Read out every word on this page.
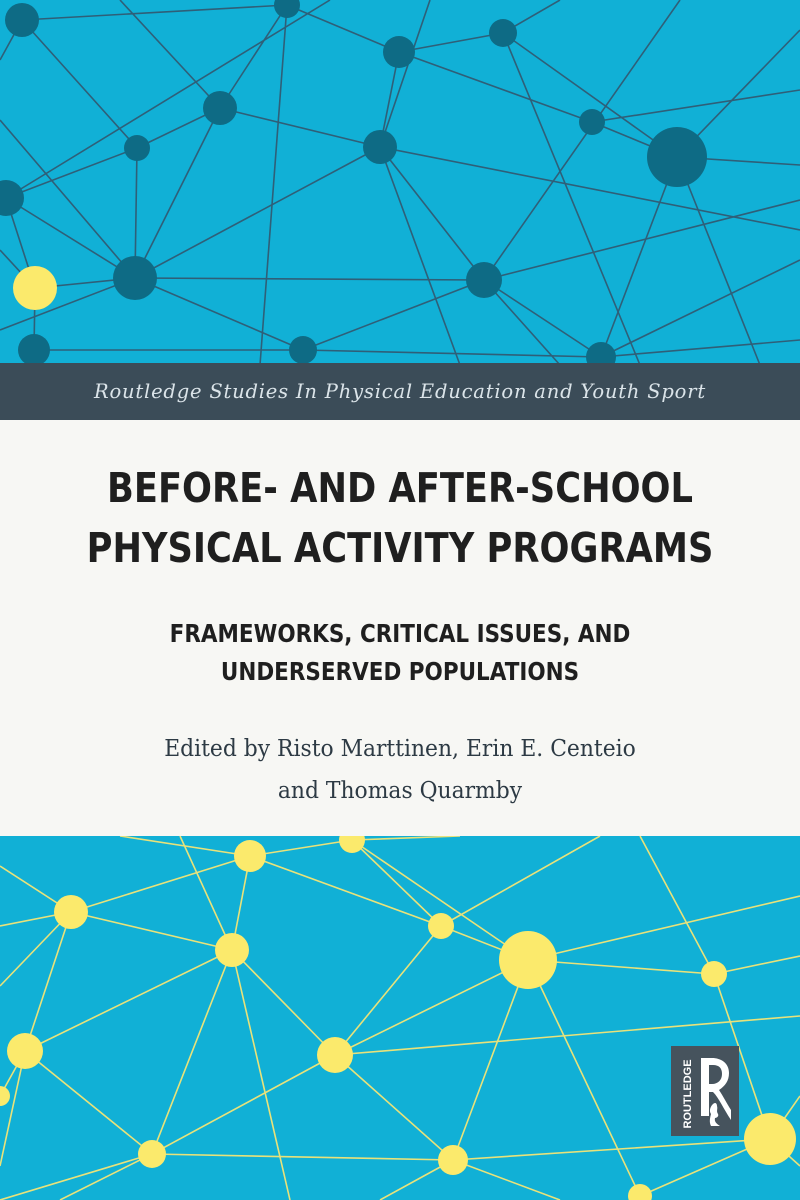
Routledge Studies In Physical Education and Youth Sport
BEFORE- AND AFTER-SCHOOL
PHYSICAL ACTIVITY PROGRAMS
FRAMEWORKS, CRITICAL ISSUES, AND
UNDERSERVED POPULATIONS

Edited by Risto Marttinen, Erin E. Centeio
and Thomas Quarmby

ROUTLEDGE
